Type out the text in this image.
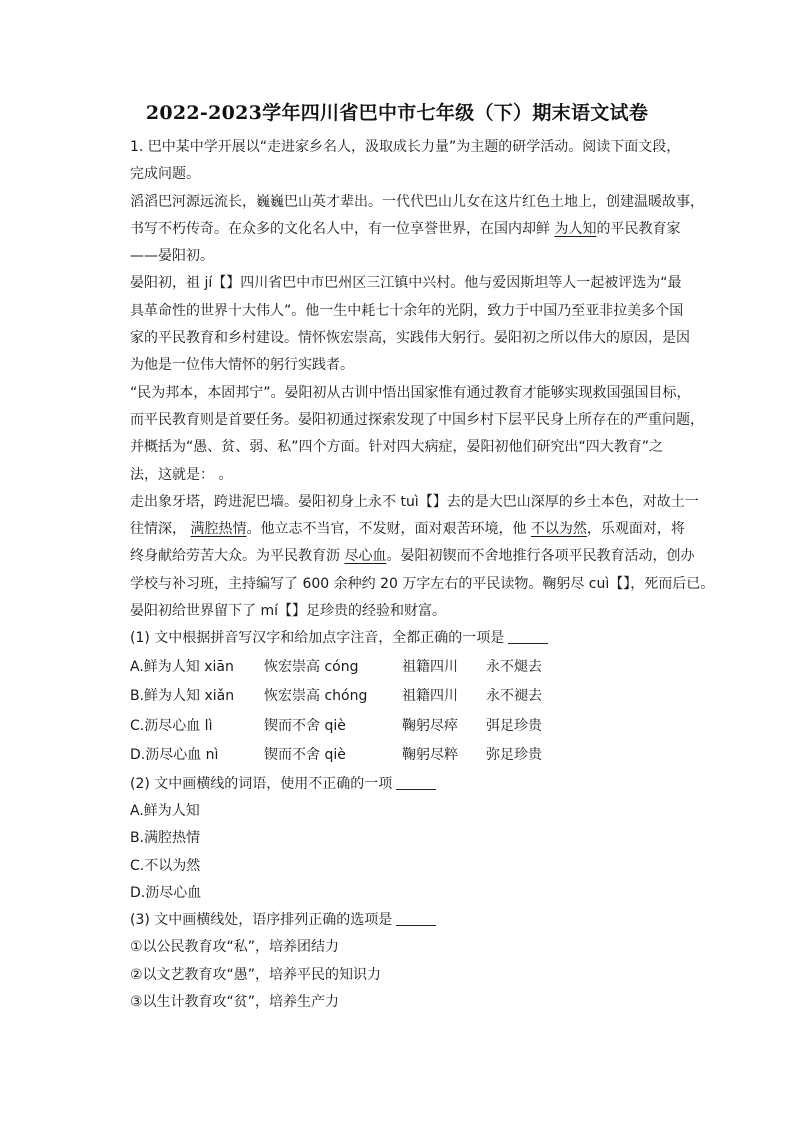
2022-2023学年四川省巴中市七年级（下）期末语文试卷
1. 巴中某中学开展以“走进家乡名人，汲取成长力量”为主题的研学活动。阅读下面文段，
完成问题。
滔滔巴河源远流长，巍巍巴山英才辈出。一代代巴山儿女在这片红色土地上，创建温暖故事，
书写不朽传奇。在众多的文化名人中，有一位享誉世界，在国内却鲜 为人知的平民教育家
——晏阳初。
晏阳初，祖 jí【】四川省巴中市巴州区三江镇中兴村。他与爱因斯坦等人一起被评选为“最
具革命性的世界十大伟人”。他一生中耗七十余年的光阴，致力于中国乃至亚非拉美多个国
家的平民教育和乡村建设。情怀恢宏崇高，实践伟大躬行。晏阳初之所以伟大的原因，是因
为他是一位伟大情怀的躬行实践者。
“民为邦本，本固邦宁”。晏阳初从古训中悟出国家惟有通过教育才能够实现救国强国目标，
而平民教育则是首要任务。晏阳初通过探索发现了中国乡村下层平民身上所存在的严重问题，
并概括为“愚、贫、弱、私”四个方面。针对四大病症，晏阳初他们研究出“四大教育”之
法，这就是： 。
走出象牙塔，跨进泥巴墙。晏阳初身上永不 tuì【】去的是大巴山深厚的乡土本色，对故土一
往情深， 满腔热情。他立志不当官，不发财，面对艰苦环境，他 不以为然，乐观面对，将
终身献给劳苦大众。为平民教育沥 尽心血。晏阳初锲而不舍地推行各项平民教育活动，创办
学校与补习班，主持编写了 600 余种约 20 万字左右的平民读物。鞠躬尽 cuì【】，死而后已。
晏阳初给世界留下了 mí【】足珍贵的经验和财富。
(1) 文中根据拼音写汉字和给加点字注音，全都正确的一项是
A.鲜为人知 xiān	恢宏崇高 cóng	祖籍四川	永不煺去
B.鲜为人知 xiǎn	恢宏崇高 chóng	祖籍四川	永不褪去
C.沥尽心血 lì	锲而不舍 qiè	鞠躬尽瘁	弭足珍贵
D.沥尽心血 nì	锲而不舍 qiè	鞠躬尽粹	弥足珍贵
(2) 文中画横线的词语，使用不正确的一项
A.鲜为人知
B.满腔热情
C.不以为然
D.沥尽心血
(3) 文中画横线处，语序排列正确的选项是
①以公民教育攻“私”，培养团结力
②以文艺教育攻“愚”，培养平民的知识力
③以生计教育攻“贫”，培养生产力
